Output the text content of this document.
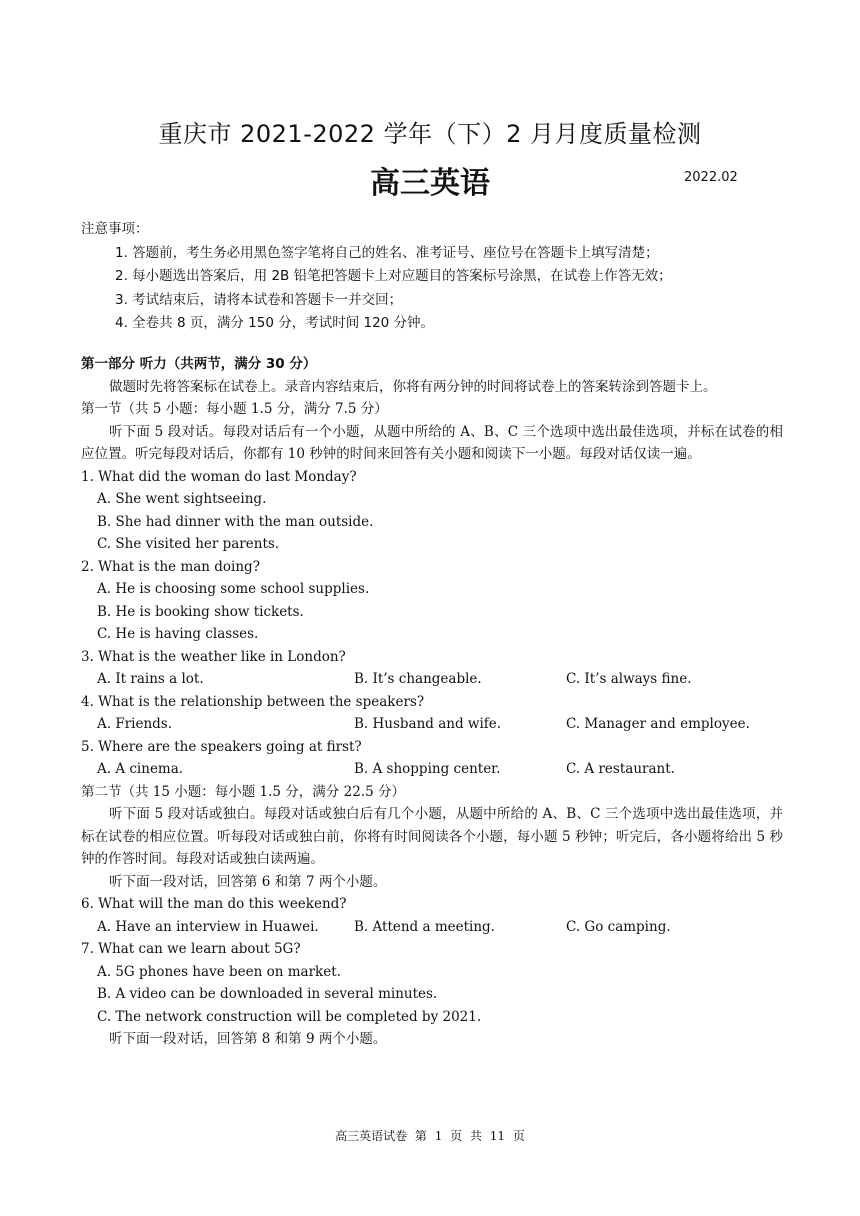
重庆市 2021-2022 学年（下）2 月月度质量检测
高三英语	2022.02
注意事项：
1. 答题前，考生务必用黑色签字笔将自己的姓名、准考证号、座位号在答题卡上填写清楚；
2. 每小题选出答案后，用 2B 铅笔把答题卡上对应题目的答案标号涂黑，在试卷上作答无效；
3. 考试结束后，请将本试卷和答题卡一并交回；
4. 全卷共 8 页，满分 150 分，考试时间 120 分钟。
第一部分 听力（共两节，满分 30 分）
做题时先将答案标在试卷上。录音内容结束后，你将有两分钟的时间将试卷上的答案转涂到答题卡上。
第一节（共 5 小题：每小题 1.5 分，满分 7.5 分）
听下面 5 段对话。每段对话后有一个小题，从题中所给的 A、B、C 三个选项中选出最佳选项，并标在试卷的相应位置。听完每段对话后，你都有 10 秒钟的时间来回答有关小题和阅读下一小题。每段对话仅读一遍。
1. What did the woman do last Monday?
A. She went sightseeing.
B. She had dinner with the man outside.
C. She visited her parents.
2. What is the man doing?
A. He is choosing some school supplies.
B. He is booking show tickets.
C. He is having classes.
3. What is the weather like in London?
A. It rains a lot.	B. It’s changeable.	C. It’s always fine.
4. What is the relationship between the speakers?
A. Friends.	B. Husband and wife.	C. Manager and employee.
5. Where are the speakers going at first?
A. A cinema.	B. A shopping center.	C. A restaurant.
第二节（共 15 小题：每小题 1.5 分，满分 22.5 分）
听下面 5 段对话或独白。每段对话或独白后有几个小题，从题中所给的 A、B、C 三个选项中选出最佳选项，并标在试卷的相应位置。听每段对话或独白前，你将有时间阅读各个小题，每小题 5 秒钟；听完后，各小题将给出 5 秒钟的作答时间。每段对话或独白读两遍。
听下面一段对话，回答第 6 和第 7 两个小题。
6. What will the man do this weekend?
A. Have an interview in Huawei.	B. Attend a meeting.	C. Go camping.
7. What can we learn about 5G?
A. 5G phones have been on market.
B. A video can be downloaded in several minutes.
C. The network construction will be completed by 2021.
听下面一段对话，回答第 8 和第 9 两个小题。
高三英语试卷 第 1 页 共 11 页
